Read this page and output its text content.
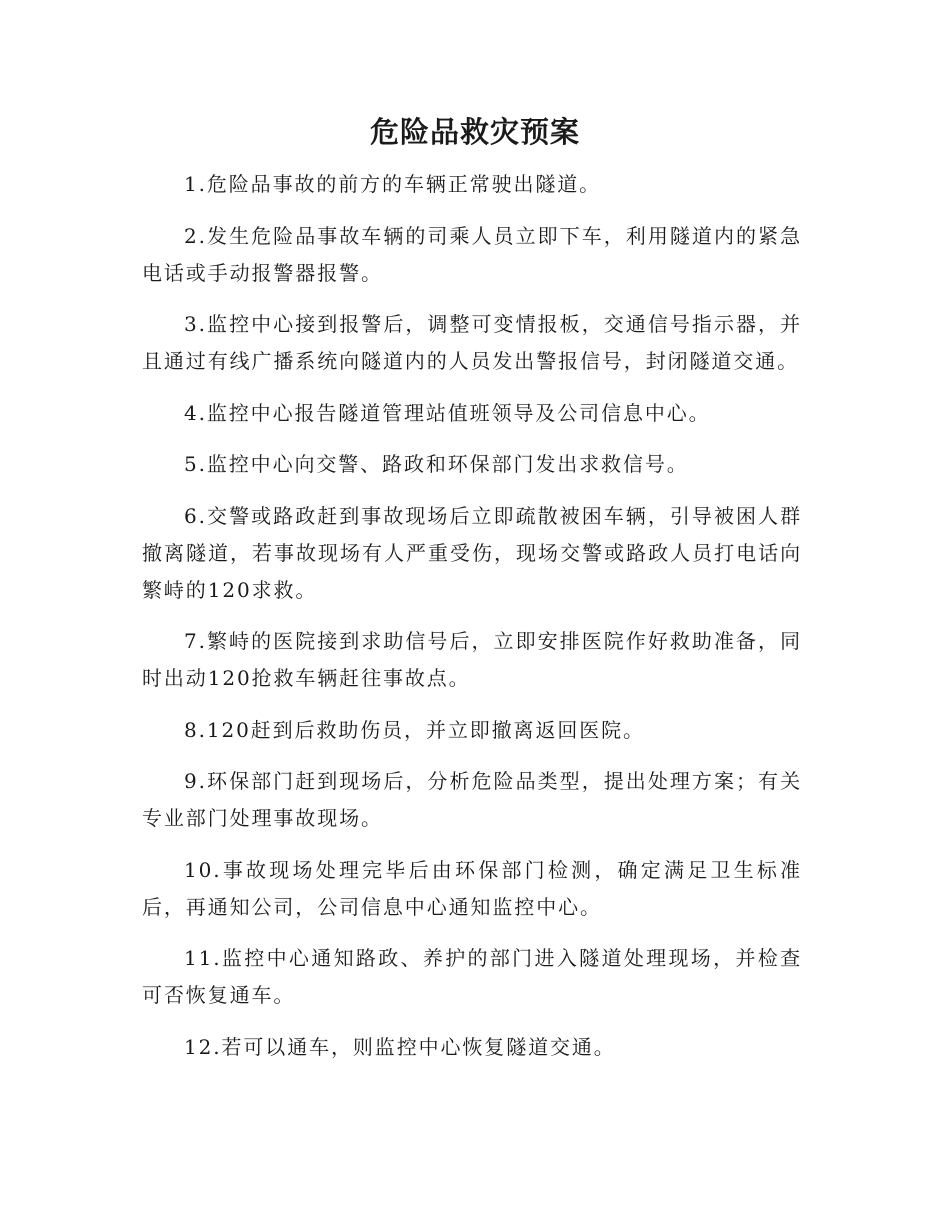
危险品救灾预案

1.危险品事故的前方的车辆正常驶出隧道。

2.发生危险品事故车辆的司乘人员立即下车，利用隧道内的紧急电话或手动报警器报警。

3.监控中心接到报警后，调整可变情报板，交通信号指示器，并且通过有线广播系统向隧道内的人员发出警报信号，封闭隧道交通。

4.监控中心报告隧道管理站值班领导及公司信息中心。

5.监控中心向交警、路政和环保部门发出求救信号。

6.交警或路政赶到事故现场后立即疏散被困车辆，引导被困人群撤离隧道，若事故现场有人严重受伤，现场交警或路政人员打电话向繁峙的120求救。

7.繁峙的医院接到求助信号后，立即安排医院作好救助准备，同时出动120抢救车辆赶往事故点。

8.120赶到后救助伤员，并立即撤离返回医院。

9.环保部门赶到现场后，分析危险品类型，提出处理方案；有关专业部门处理事故现场。

10.事故现场处理完毕后由环保部门检测，确定满足卫生标准后，再通知公司，公司信息中心通知监控中心。

11.监控中心通知路政、养护的部门进入隧道处理现场，并检查可否恢复通车。

12.若可以通车，则监控中心恢复隧道交通。
